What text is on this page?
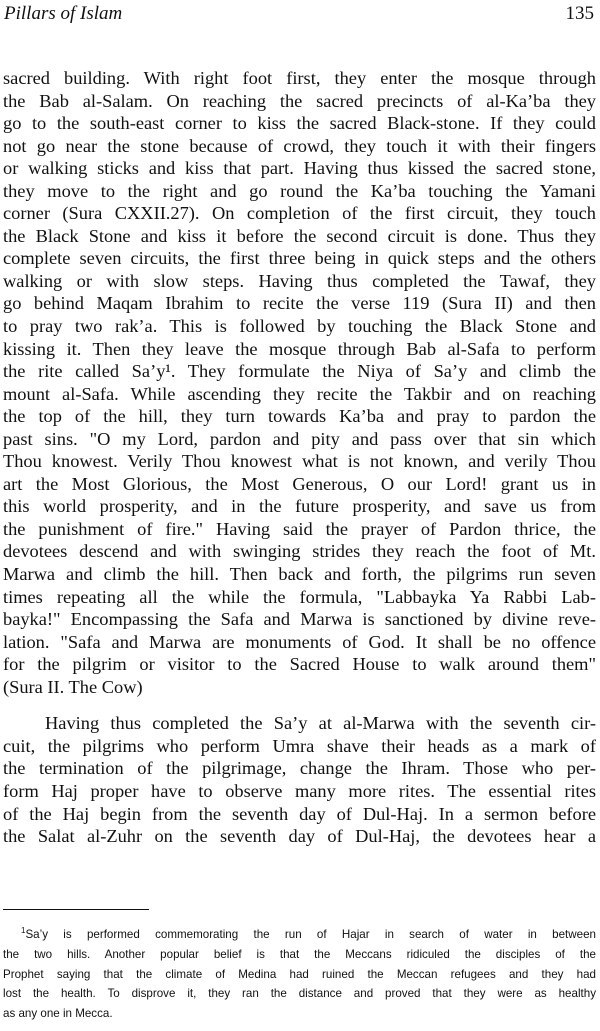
Pillars of Islam	135
sacred building. With right foot first, they enter the mosque through
the Bab al-Salam. On reaching the sacred precincts of al-Ka’ba they
go to the south-east corner to kiss the sacred Black-stone. If they could
not go near the stone because of crowd, they touch it with their fingers
or walking sticks and kiss that part. Having thus kissed the sacred stone,
they move to the right and go round the Ka’ba touching the Yamani
corner (Sura CXXII.27). On completion of the first circuit, they touch
the Black Stone and kiss it before the second circuit is done. Thus they
complete seven circuits, the first three being in quick steps and the others
walking or with slow steps. Having thus completed the Tawaf, they
go behind Maqam Ibrahim to recite the verse 119 (Sura II) and then
to pray two rak’a. This is followed by touching the Black Stone and
kissing it. Then they leave the mosque through Bab al-Safa to perform
the rite called Sa’y¹. They formulate the Niya of Sa’y and climb the
mount al-Safa. While ascending they recite the Takbir and on reaching
the top of the hill, they turn towards Ka’ba and pray to pardon the
past sins. "O my Lord, pardon and pity and pass over that sin which
Thou knowest. Verily Thou knowest what is not known, and verily Thou
art the Most Glorious, the Most Generous, O our Lord! grant us in
this world prosperity, and in the future prosperity, and save us from
the punishment of fire." Having said the prayer of Pardon thrice, the
devotees descend and with swinging strides they reach the foot of Mt.
Marwa and climb the hill. Then back and forth, the pilgrims run seven
times repeating all the while the formula, "Labbayka Ya Rabbi Lab-
bayka!" Encompassing the Safa and Marwa is sanctioned by divine reve-
lation. "Safa and Marwa are monuments of God. It shall be no offence
for the pilgrim or visitor to the Sacred House to walk around them"
(Sura II. The Cow)
Having thus completed the Sa’y at al-Marwa with the seventh cir-
cuit, the pilgrims who perform Umra shave their heads as a mark of
the termination of the pilgrimage, change the Ihram. Those who per-
form Haj proper have to observe many more rites. The essential rites
of the Haj begin from the seventh day of Dul-Haj. In a sermon before
the Salat al-Zuhr on the seventh day of Dul-Haj, the devotees hear a
$^1$Sa’y is performed commemorating the run of Hajar in search of water in between
the two hills. Another popular belief is that the Meccans ridiculed the disciples of the
Prophet saying that the climate of Medina had ruined the Meccan refugees and they had
lost the health. To disprove it, they ran the distance and proved that they were as healthy
as any one in Mecca.
